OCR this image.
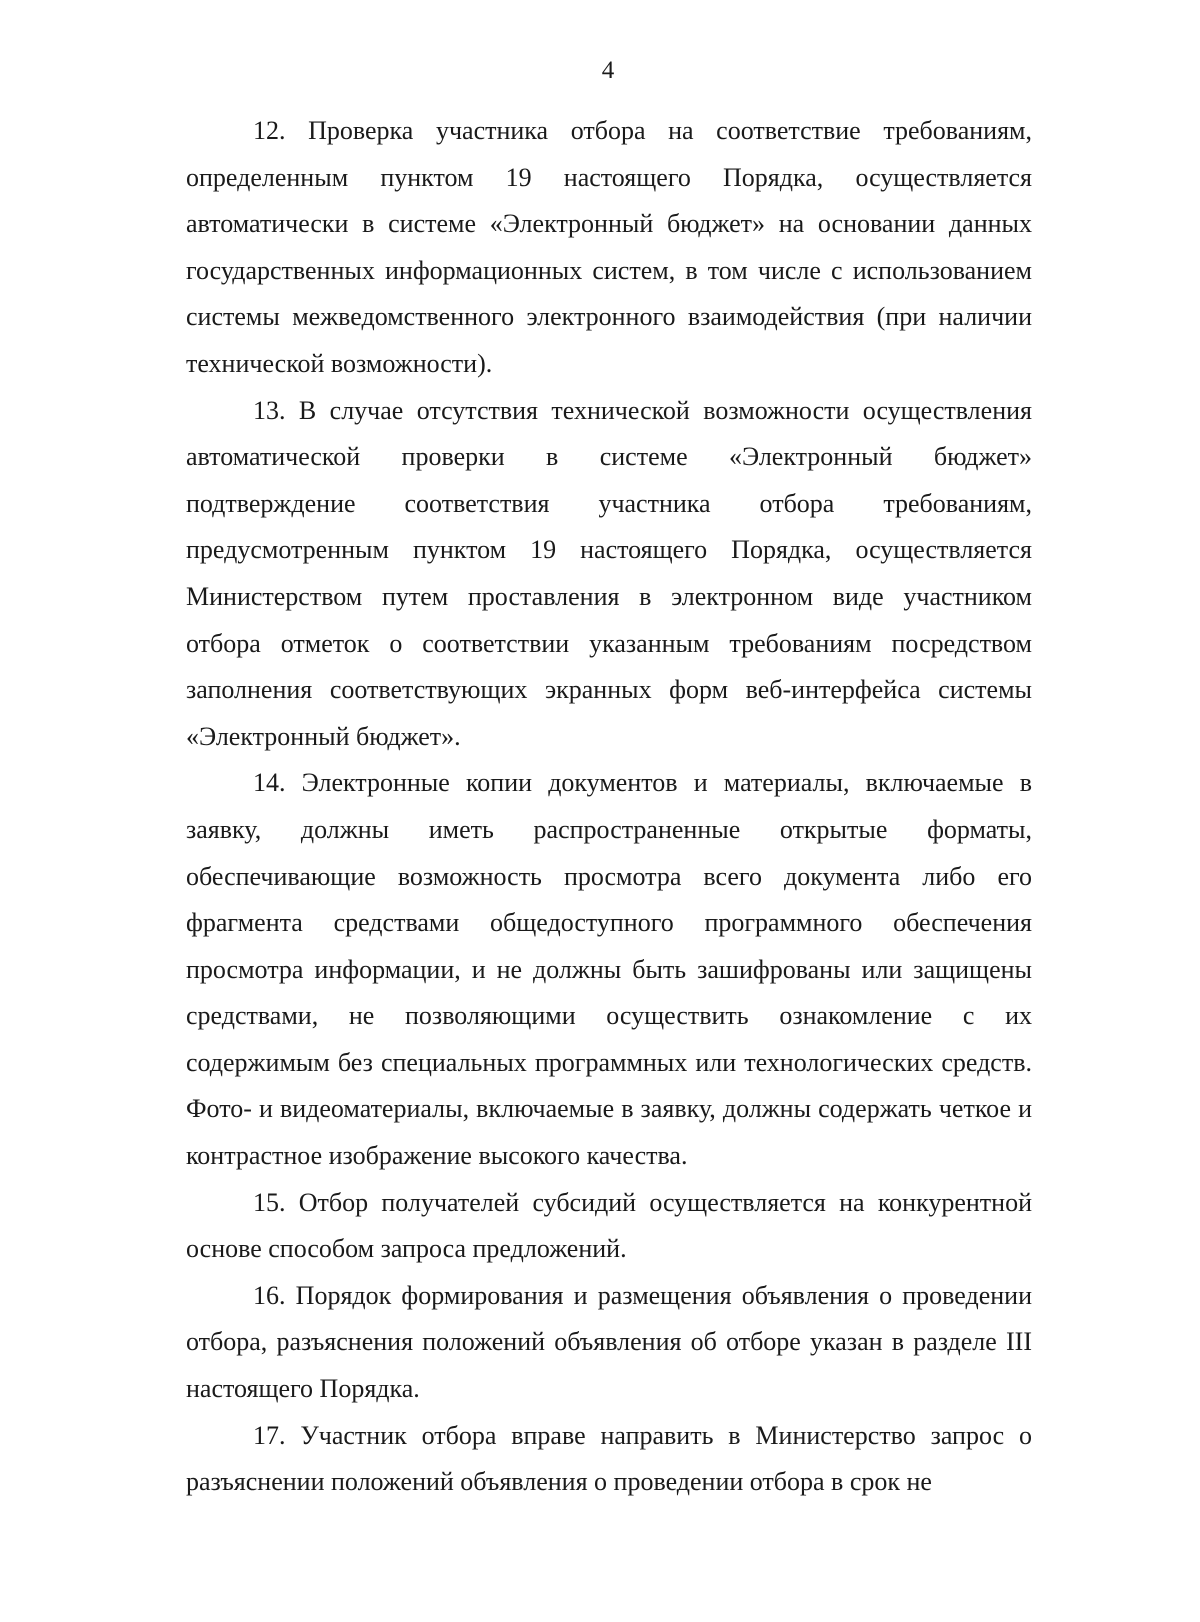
4

12. Проверка участника отбора на соответствие требованиям, определенным пунктом 19 настоящего Порядка, осуществляется автоматически в системе «Электронный бюджет» на основании данных государственных информационных систем, в том числе с использованием системы межведомственного электронного взаимодействия (при наличии технической возможности).

13. В случае отсутствия технической возможности осуществления автоматической проверки в системе «Электронный бюджет» подтверждение соответствия участника отбора требованиям, предусмотренным пунктом 19 настоящего Порядка, осуществляется Министерством путем проставления в электронном виде участником отбора отметок о соответствии указанным требованиям посредством заполнения соответствующих экранных форм веб-интерфейса системы «Электронный бюджет».

14. Электронные копии документов и материалы, включаемые в заявку, должны иметь распространенные открытые форматы, обеспечивающие возможность просмотра всего документа либо его фрагмента средствами общедоступного программного обеспечения просмотра информации, и не должны быть зашифрованы или защищены средствами, не позволяющими осуществить ознакомление с их содержимым без специальных программных или технологических средств. Фото- и видеоматериалы, включаемые в заявку, должны содержать четкое и контрастное изображение высокого качества.

15. Отбор получателей субсидий осуществляется на конкурентной основе способом запроса предложений.

16. Порядок формирования и размещения объявления о проведении отбора, разъяснения положений объявления об отборе указан в разделе III настоящего Порядка.

17. Участник отбора вправе направить в Министерство запрос о разъяснении положений объявления о проведении отбора в срок не
